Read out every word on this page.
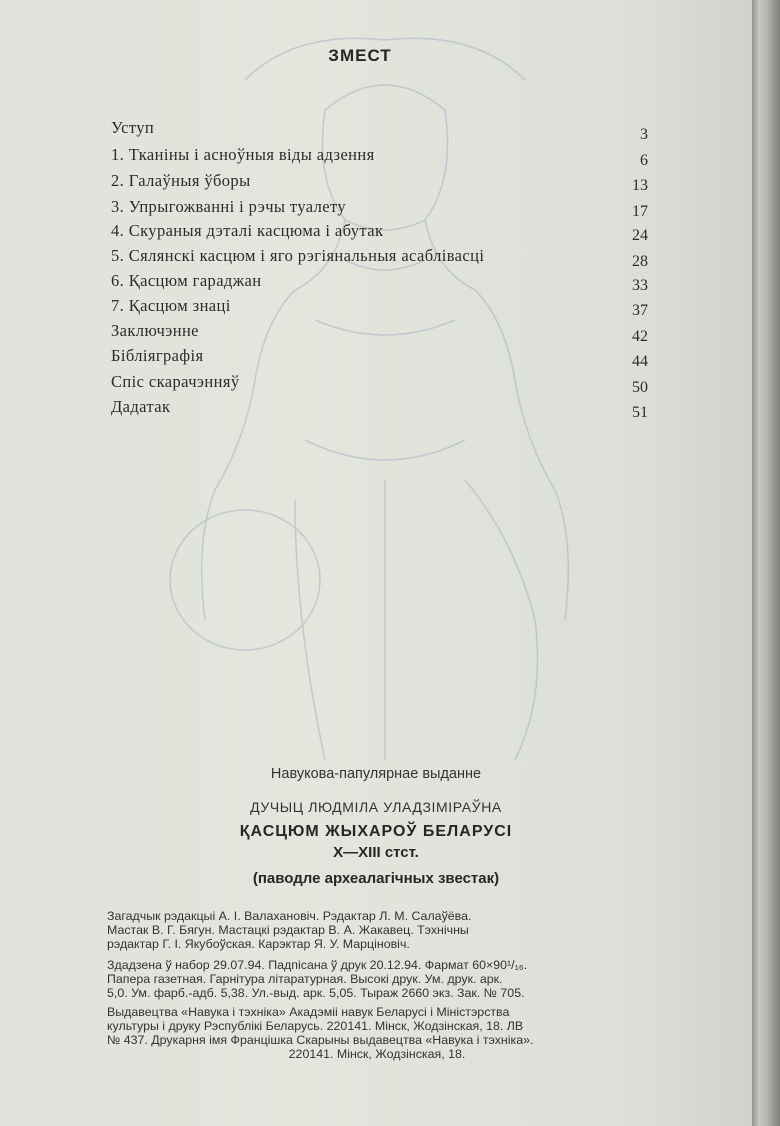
ЗМЕСТ
Уступ	3
1. Тканіны і асноўныя віды адзення	6
2. Галаўныя ўборы	13
3. Упрыгожванні і рэчы туалету	17
4. Скураныя дэталі касцюма і абутак	24
5. Сялянскі касцюм і яго рэгіянальныя асаблівасці	28
6. Қасцюм гараджан	33
7. Қасцюм знаці	37
Заключэнне	42
Бібліяграфія	44
Спіс скарачэнняў	50
Дадатак	51
Навукова-папулярнае выданне
ДУЧЫЦ ЛЮДМІЛА УЛАДЗІМІРАЎНА
ҚАСЦЮМ ЖЫХАРОЎ БЕЛАРУСІ
X—XIII стст.
(паводле археалагічных звестак)
Загадчык рэдакцыі А. І. Валахановіч. Рэдактар Л. М. Салаўёва.
Мастак В. Г. Бягун. Мастацкі рэдактар В. А. Жакавец. Тэхнічны
рэдактар Г. І. Якубоўская. Карэктар Я. У. Марціновіч.
Здадзена ў набор 29.07.94. Падпісана ў друк 20.12.94. Фармат 60×90¹/₁₆.
Папера газетная. Гарнітура літаратурная. Высокі друк. Ум. друк. арк.
5,0. Ум. фарб.-адб. 5,38. Ул.-выд. арк. 5,05. Тыраж 2660 экз. Зак. № 705.
Выдавецтва «Навука і тэхніка» Акадэміі навук Беларусі і Міністэрства
культуры і друку Рэспублікі Беларусь. 220141. Мінск, Жодзінская, 18. ЛВ
№ 437. Друкарня імя Францішка Скарыны выдавецтва «Навука і тэхніка».
220141. Мінск, Жодзінская, 18.
